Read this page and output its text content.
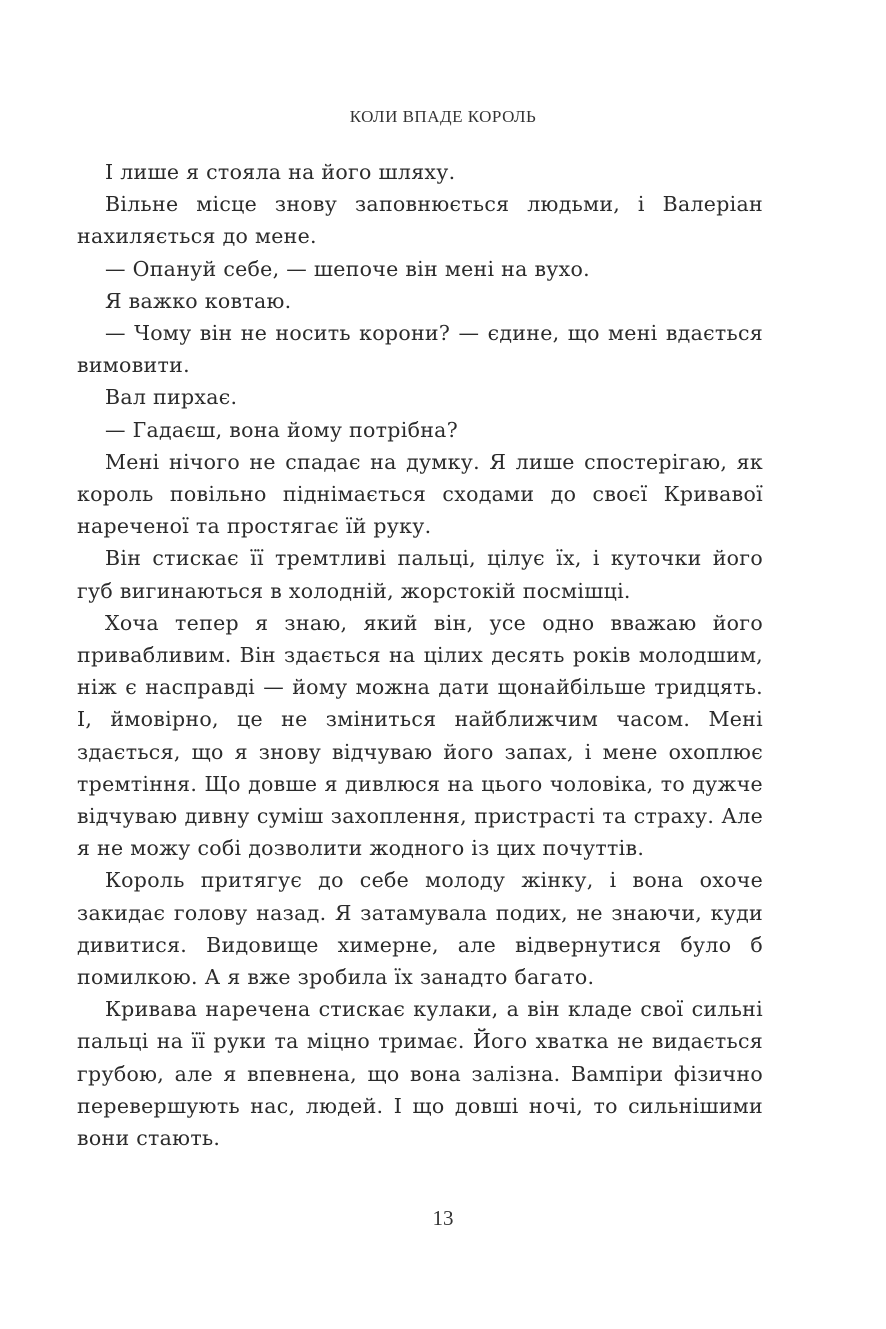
КОЛИ ВПАДЕ КОРОЛЬ

І лише я стояла на його шляху.

Вільне місце знову заповнюється людьми, і Валеріан нахиляється до мене.

— Опануй себе, — шепоче він мені на вухо.

Я важко ковтаю.

— Чому він не носить корони? — єдине, що мені вдається вимовити.

Вал пирхає.

— Гадаєш, вона йому потрібна?

Мені нічого не спадає на думку. Я лише спостерігаю, як король повільно піднімається сходами до своєї Кривавої нареченої та простягає їй руку.

Він стискає її тремтливі пальці, цілує їх, і куточки його губ вигинаються в холодній, жорстокій посмішці.

Хоча тепер я знаю, який він, усе одно вважаю його привабливим. Він здається на цілих десять років молодшим, ніж є насправді — йому можна дати щонайбільше тридцять. І, ймовірно, це не зміниться найближчим часом. Мені здається, що я знову відчуваю його запах, і мене охоплює тремтіння. Що довше я дивлюся на цього чоловіка, то дужче відчуваю дивну суміш захоплення, пристрасті та страху. Але я не можу собі дозволити жодного із цих почуттів.

Король притягує до себе молоду жінку, і вона охоче закидає голову назад. Я затамувала подих, не знаючи, куди дивитися. Видовище химерне, але відвернутися було б помилкою. А я вже зробила їх занадто багато.

Кривава наречена стискає кулаки, а він кладе свої сильні пальці на її руки та міцно тримає. Його хватка не видається грубою, але я впевнена, що вона залізна. Вампіри фізично перевершують нас, людей. І що довші ночі, то сильнішими вони стають.

13
